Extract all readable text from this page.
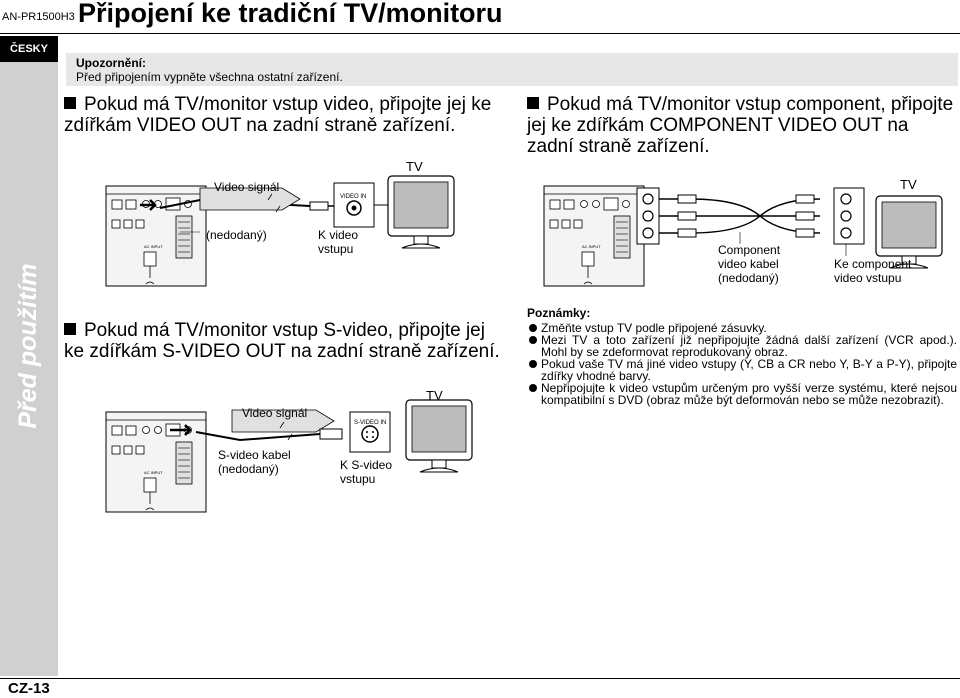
AN-PR1500H3 Připojení ke tradiční TV/monitoru
ČESKY
Před použitím
CZ-13
Upozornění:
Před připojením vypněte všechna ostatní zařízení.
Pokud má TV/monitor vstup video, připojte jej ke zdířkám VIDEO OUT na zadní straně zařízení.
Pokud má TV/monitor vstup component, připojte jej ke zdířkám COMPONENT VIDEO OUT na zadní straně zařízení.
Pokud má TV/monitor vstup S-video, připojte jej ke zdířkám S-VIDEO OUT na zadní straně zařízení.
AC INPUT
Video signál
VIDEO IN
TV
(nedodaný)	K video vstupu
TV
Component video kabel (nedodaný)
Ke component video vstupu
Video signál
S-VIDEO IN
TV
S-video kabel (nedodaný)	K S-video vstupu
Poznámky:
Změňte vstup TV podle připojené zásuvky.
Mezi TV a toto zařízení již nepřipojujte žádná další zařízení (VCR apod.). Mohl by se zdeformovat reprodukovaný obraz.
Pokud vaše TV má jiné video vstupy (Y, CB a CR nebo Y, B-Y a P-Y), připojte zdířky vhodné barvy.
Nepřipojujte k video vstupům určeným pro vyšší verze systému, které nejsou kompatibilní s DVD (obraz může být deformován nebo se může nezobrazit).
